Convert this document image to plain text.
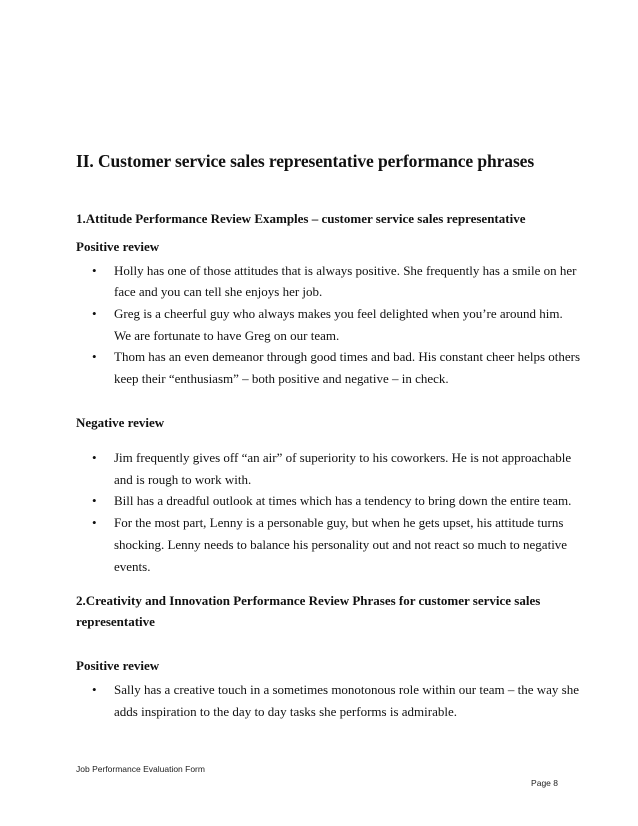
II. Customer service sales representative performance phrases

1.Attitude Performance Review Examples – customer service sales representative

Positive review

• Holly has one of those attitudes that is always positive. She frequently has a smile on her

face and you can tell she enjoys her job.

• Greg is a cheerful guy who always makes you feel delighted when you’re around him.

We are fortunate to have Greg on our team.

• Thom has an even demeanor through good times and bad. His constant cheer helps others

keep their “enthusiasm” – both positive and negative – in check.

Negative review

• Jim frequently gives off “an air” of superiority to his coworkers. He is not approachable

and is rough to work with.

• Bill has a dreadful outlook at times which has a tendency to bring down the entire team.

• For the most part, Lenny is a personable guy, but when he gets upset, his attitude turns

shocking. Lenny needs to balance his personality out and not react so much to negative

events.

2.Creativity and Innovation Performance Review Phrases for customer service sales

representative

Positive review

• Sally has a creative touch in a sometimes monotonous role within our team – the way she

adds inspiration to the day to day tasks she performs is admirable.

Job Performance Evaluation Form

Page 8
